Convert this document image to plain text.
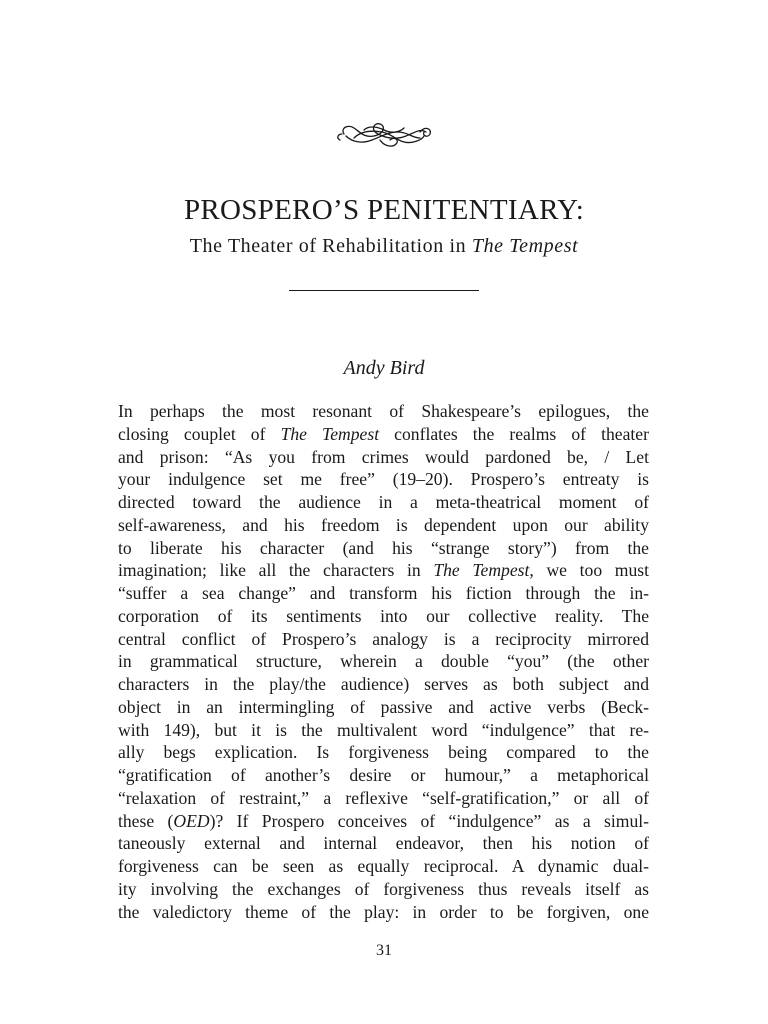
PROSPERO’S PENITENTIARY:
The Theater of Rehabilitation in The Tempest
Andy Bird
In perhaps the most resonant of Shakespeare’s epilogues, the
closing couplet of The Tempest conflates the realms of theater
and prison: “As you from crimes would pardoned be, / Let
your indulgence set me free” (19–20). Prospero’s entreaty is
directed toward the audience in a meta-theatrical moment of
self-awareness, and his freedom is dependent upon our ability
to liberate his character (and his “strange story”) from the
imagination; like all the characters in The Tempest, we too must
“suffer a sea change” and transform his fiction through the in-
corporation of its sentiments into our collective reality. The
central conflict of Prospero’s analogy is a reciprocity mirrored
in grammatical structure, wherein a double “you” (the other
characters in the play/the audience) serves as both subject and
object in an intermingling of passive and active verbs (Beck-
with 149), but it is the multivalent word “indulgence” that re-
ally begs explication. Is forgiveness being compared to the
“gratification of another’s desire or humour,” a metaphorical
“relaxation of restraint,” a reflexive “self-gratification,” or all of
these (OED)? If Prospero conceives of “indulgence” as a simul-
taneously external and internal endeavor, then his notion of
forgiveness can be seen as equally reciprocal. A dynamic dual-
ity involving the exchanges of forgiveness thus reveals itself as
the valedictory theme of the play: in order to be forgiven, one
31
